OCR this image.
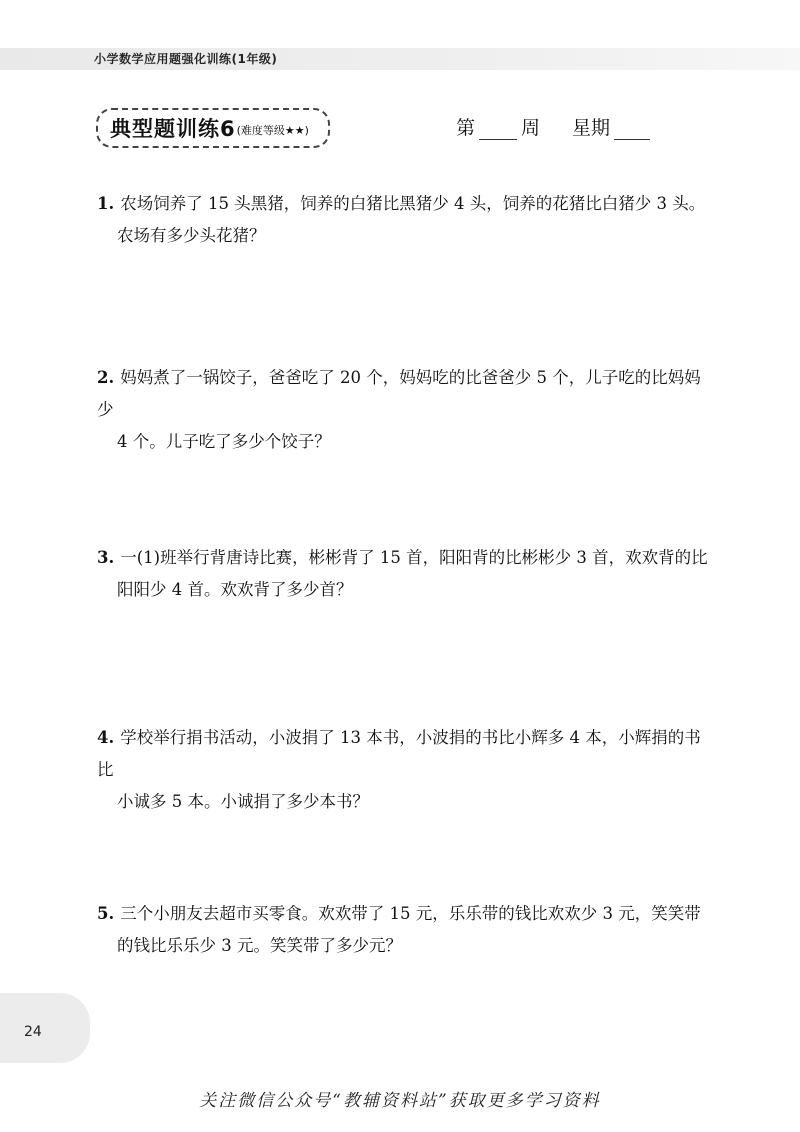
小学数学应用题强化训练(1年级)
典型题训练6 (难度等级★★)	第 周 星期
1. 农场饲养了 15 头黑猪，饲养的白猪比黑猪少 4 头，饲养的花猪比白猪少 3 头。
农场有多少头花猪？
2. 妈妈煮了一锅饺子，爸爸吃了 20 个，妈妈吃的比爸爸少 5 个，儿子吃的比妈妈少
4 个。儿子吃了多少个饺子？
3. 一(1)班举行背唐诗比赛，彬彬背了 15 首，阳阳背的比彬彬少 3 首，欢欢背的比
阳阳少 4 首。欢欢背了多少首？
4. 学校举行捐书活动，小波捐了 13 本书，小波捐的书比小辉多 4 本，小辉捐的书比
小诚多 5 本。小诚捐了多少本书？
5. 三个小朋友去超市买零食。欢欢带了 15 元，乐乐带的钱比欢欢少 3 元，笑笑带
的钱比乐乐少 3 元。笑笑带了多少元？
24
关注微信公众号“教辅资料站”获取更多学习资料
